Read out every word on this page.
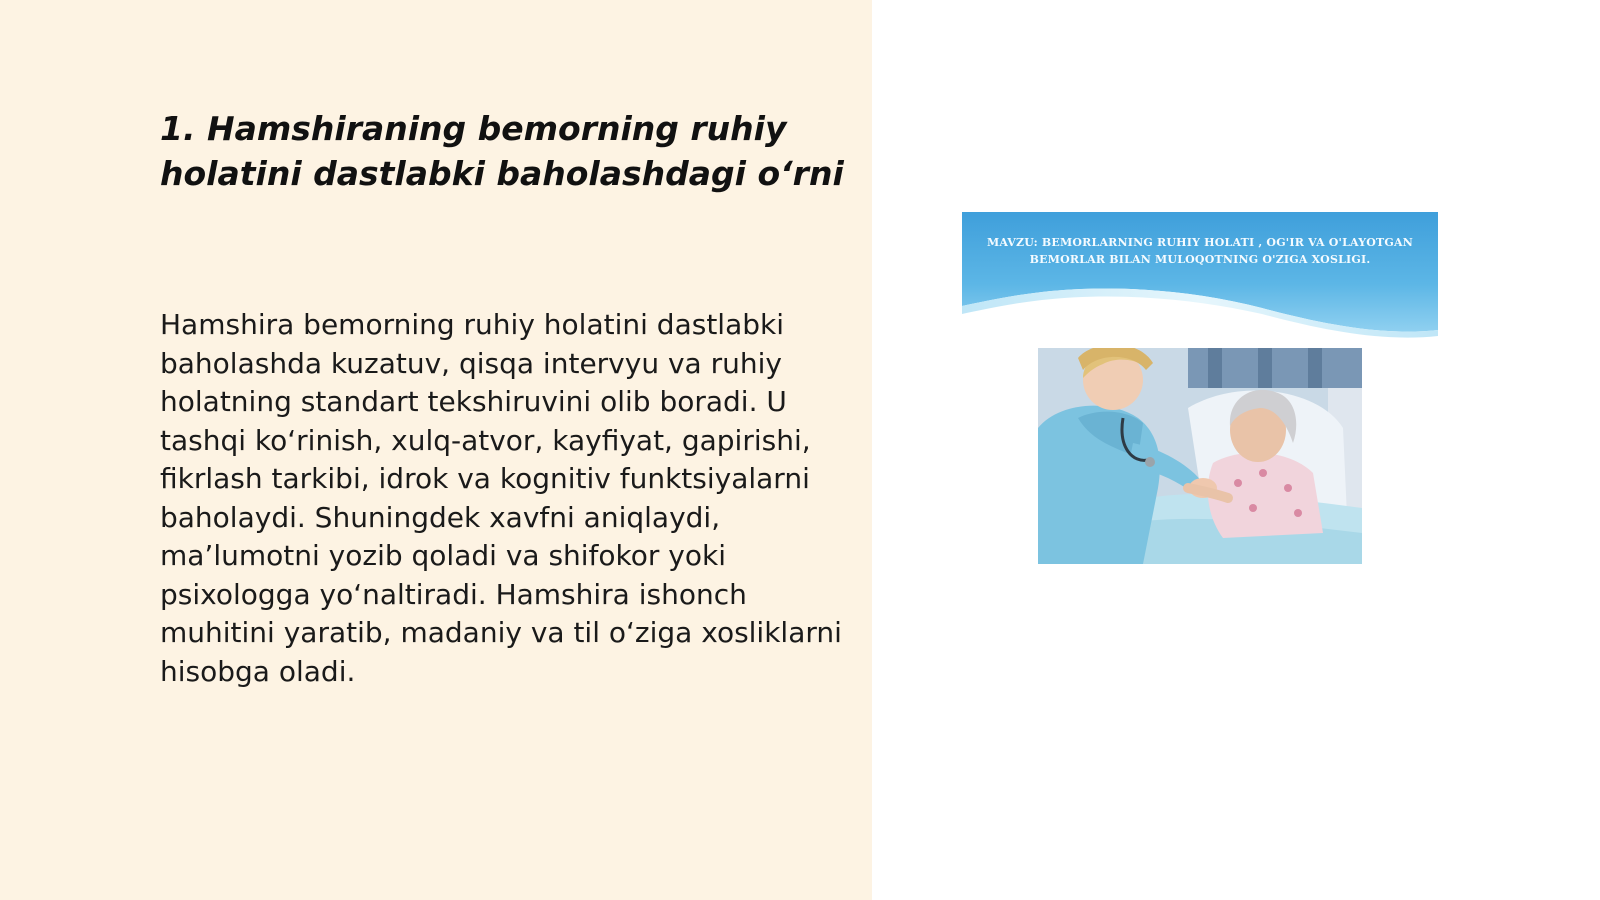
1. Hamshiraning bemorning ruhiy holatini dastlabki baholashdagi o‘rni

Hamshira bemorning ruhiy holatini dastlabki baholashda kuzatuv, qisqa intervyu va ruhiy holatning standart tekshiruvini olib boradi. U tashqi ko‘rinish, xulq-atvor, kayfiyat, gapirishi, fikrlash tarkibi, idrok va kognitiv funktsiyalarni baholaydi. Shuningdek xavfni aniqlaydi, ma’lumotni yozib qoladi va shifokor yoki psixologga yo‘naltiradi. Hamshira ishonch muhitini yaratib, madaniy va til o‘ziga xosliklarni hisobga oladi.

MAVZU: BEMORLARNING RUHIY HOLATI , OG'IR VA O'LAYOTGAN BEMORLAR BILAN MULOQOTNING O'ZIGA XOSLIGI.
